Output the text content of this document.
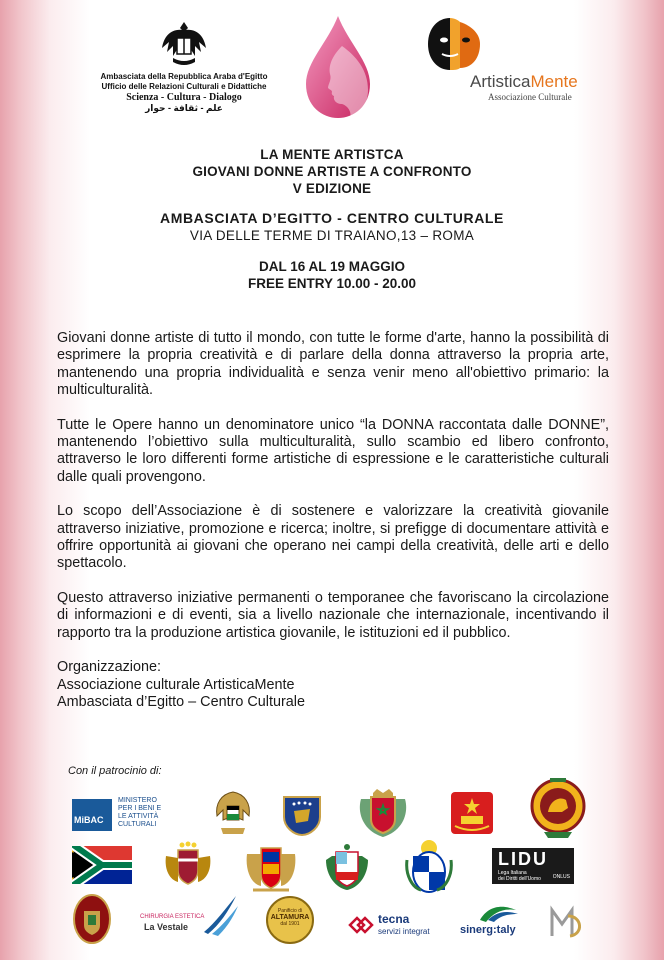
Ambasciata della Repubblica Araba d'Egitto
Ufficio delle Relazioni Culturali e Didattiche
Scienza - Cultura - Dialogo
علم - ثقافة - حوار
ArtisticaMente
Associazione Culturale
LA MENTE ARTISTCA
GIOVANI DONNE ARTISTE A CONFRONTO
V EDIZIONE
AMBASCIATA D’EGITTO - CENTRO CULTURALE
VIA DELLE TERME DI TRAIANO,13 – ROMA
DAL 16 AL 19 MAGGIO
FREE ENTRY 10.00 - 20.00

Giovani donne artiste di tutto il mondo, con tutte le forme d'arte, hanno la possibilità di esprimere la propria creatività e di parlare della donna attraverso la propria arte, mantenendo una propria individualità e senza venir meno all'obiettivo primario: la multiculturalità.

Tutte le Opere hanno un denominatore unico “la DONNA raccontata dalle DONNE”, mantenendo l’obiettivo sulla multiculturalità, sullo scambio ed libero confronto, attraverso le loro differenti forme artistiche di espressione e le caratteristiche culturali dalle quali provengono.

Lo scopo dell’Associazione è di sostenere e valorizzare la creatività giovanile attraverso iniziative, promozione e ricerca; inoltre, si prefigge di documentare attività e offrire opportunità ai giovani che operano nei campi della creatività, delle arti e dello spettacolo.

Questo attraverso iniziative permanenti o temporanee che favoriscano la circolazione di informazioni e di eventi, sia a livello nazionale che internazionale, incentivando il rapporto tra la produzione artistica giovanile, le istituzioni ed il pubblico.

Organizzazione:
Associazione culturale ArtisticaMente
Ambasciata d’Egitto – Centro Culturale
Con il patrocinio di:
MiBAC
MINISTERO
PER I BENI E
LE ATTIVITÀ
CULTURALI
LIDU
Lega Italiana
dei Diritti dell'Uomo ONLUS
CHIRURGIA ESTETICA
La Vestale
Panificio di
ALTAMURA
dal 1901	tecna
servizi integrat	sinerg:taly
